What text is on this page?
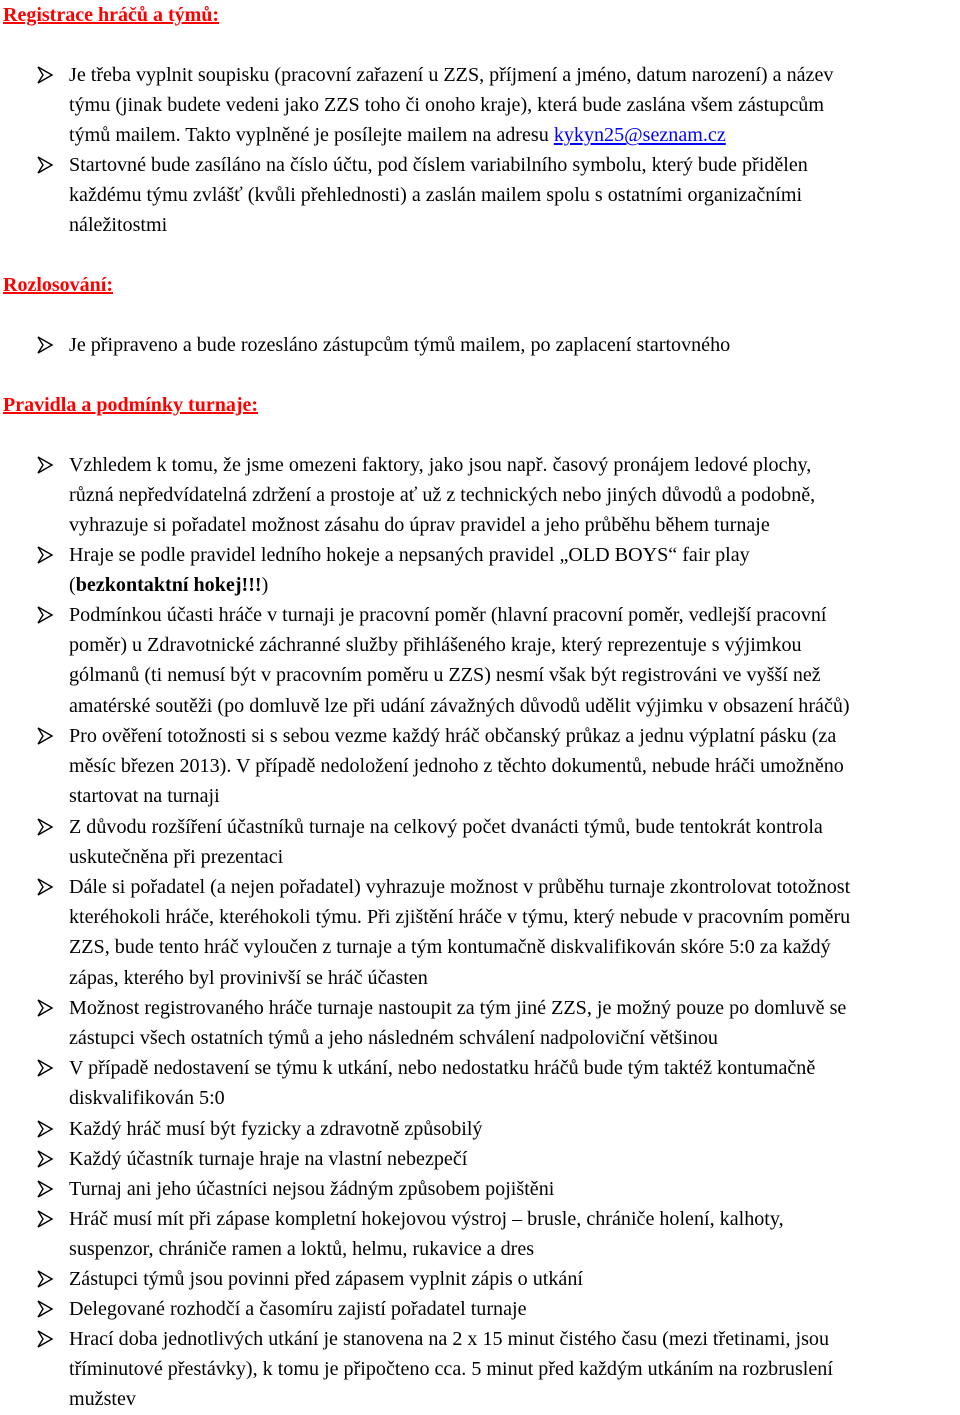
Registrace hráčů a týmů:

Je třeba vyplnit soupisku (pracovní zařazení u ZZS, příjmení a jméno, datum narození) a název
týmu (jinak budete vedeni jako ZZS toho či onoho kraje), která bude zaslána všem zástupcům
týmů mailem. Takto vyplněné je posílejte mailem na adresu kykyn25@seznam.cz

Startovné bude zasíláno na číslo účtu, pod číslem variabilního symbolu, který bude přidělen
každému týmu zvlášť (kvůli přehlednosti) a zaslán mailem spolu s ostatními organizačními
náležitostmi

Rozlosování:

Je připraveno a bude rozesláno zástupcům týmů mailem, po zaplacení startovného

Pravidla a podmínky turnaje:

Vzhledem k tomu, že jsme omezeni faktory, jako jsou např. časový pronájem ledové plochy,
různá nepředvídatelná zdržení a prostoje ať už z technických nebo jiných důvodů a podobně,
vyhrazuje si pořadatel možnost zásahu do úprav pravidel a jeho průběhu během turnaje

Hraje se podle pravidel ledního hokeje a nepsaných pravidel „OLD BOYS“ fair play
(bezkontaktní hokej!!!)

Podmínkou účasti hráče v turnaji je pracovní poměr (hlavní pracovní poměr, vedlejší pracovní
poměr) u Zdravotnické záchranné služby přihlášeného kraje, který reprezentuje s výjimkou
gólmanů (ti nemusí být v pracovním poměru u ZZS) nesmí však být registrováni ve vyšší než
amatérské soutěži (po domluvě lze při udání závažných důvodů udělit výjimku v obsazení hráčů)

Pro ověření totožnosti si s sebou vezme každý hráč občanský průkaz a jednu výplatní pásku (za
měsíc březen 2013). V případě nedoložení jednoho z těchto dokumentů, nebude hráči umožněno
startovat na turnaji

Z důvodu rozšíření účastníků turnaje na celkový počet dvanácti týmů, bude tentokrát kontrola
uskutečněna při prezentaci

Dále si pořadatel (a nejen pořadatel) vyhrazuje možnost v průběhu turnaje zkontrolovat totožnost
kteréhokoli hráče, kteréhokoli týmu. Při zjištění hráče v týmu, který nebude v pracovním poměru
ZZS, bude tento hráč vyloučen z turnaje a tým kontumačně diskvalifikován skóre 5:0 za každý
zápas, kterého byl provinivší se hráč účasten

Možnost registrovaného hráče turnaje nastoupit za tým jiné ZZS, je možný pouze po domluvě se
zástupci všech ostatních týmů a jeho následném schválení nadpoloviční většinou

V případě nedostavení se týmu k utkání, nebo nedostatku hráčů bude tým taktéž kontumačně
diskvalifikován 5:0

Každý hráč musí být fyzicky a zdravotně způsobilý

Každý účastník turnaje hraje na vlastní nebezpečí

Turnaj ani jeho účastníci nejsou žádným způsobem pojištěni

Hráč musí mít při zápase kompletní hokejovou výstroj – brusle, chrániče holení, kalhoty,
suspenzor, chrániče ramen a loktů, helmu, rukavice a dres

Zástupci týmů jsou povinni před zápasem vyplnit zápis o utkání

Delegované rozhodčí a časomíru zajistí pořadatel turnaje

Hrací doba jednotlivých utkání je stanovena na 2 x 15 minut čistého času (mezi třetinami, jsou
tříminutové přestávky), k tomu je připočteno cca. 5 minut před každým utkáním na rozbruslení
mužstev
